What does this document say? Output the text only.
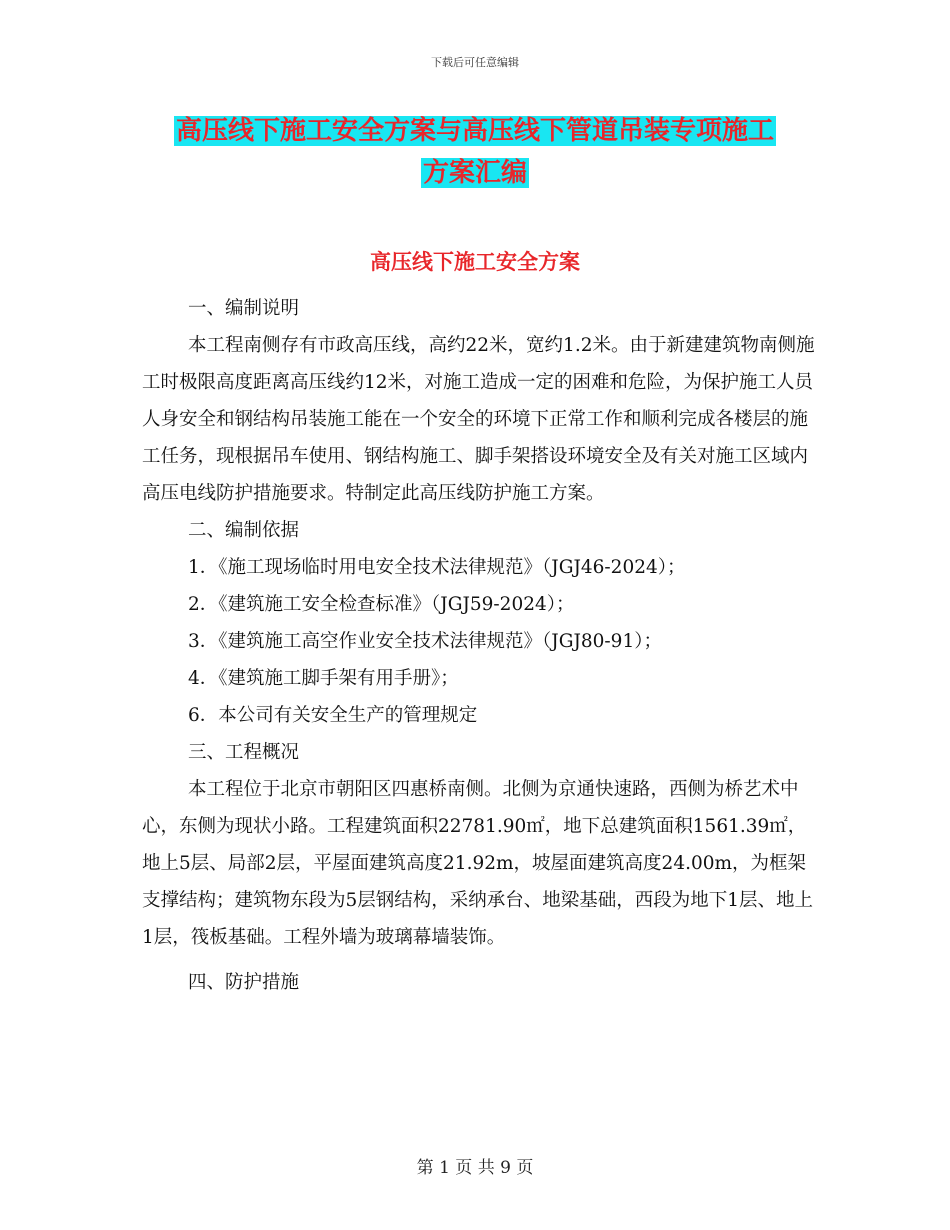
下载后可任意编辑
高压线下施工安全方案与高压线下管道吊装专项施工
方案汇编
高压线下施工安全方案

一、编制说明

本工程南侧存有市政高压线，高约22米，宽约1.2米。由于新建建筑物南侧施工时极限高度距离高压线约12米，对施工造成一定的困难和危险，为保护施工人员人身安全和钢结构吊装施工能在一个安全的环境下正常工作和顺利完成各楼层的施工任务，现根据吊车使用、钢结构施工、脚手架搭设环境安全及有关对施工区域内高压电线防护措施要求。特制定此高压线防护施工方案。

二、编制依据

1．《施工现场临时用电安全技术法律规范》（JGJ46-2024）；

2．《建筑施工安全检查标准》（JGJ59-2024）；

3．《建筑施工高空作业安全技术法律规范》（JGJ80-91）；

4．《建筑施工脚手架有用手册》；

6．本公司有关安全生产的管理规定

三、工程概况

本工程位于北京市朝阳区四惠桥南侧。北侧为京通快速路，西侧为桥艺术中心，东侧为现状小路。工程建筑面积22781.90㎡，地下总建筑面积1561.39㎡，地上5层、局部2层，平屋面建筑高度21.92m，坡屋面建筑高度24.00m，为框架支撑结构；建筑物东段为5层钢结构，采纳承台、地梁基础，西段为地下1层、地上1层，筏板基础。工程外墙为玻璃幕墙装饰。

四、防护措施

第 1 页 共 9 页
